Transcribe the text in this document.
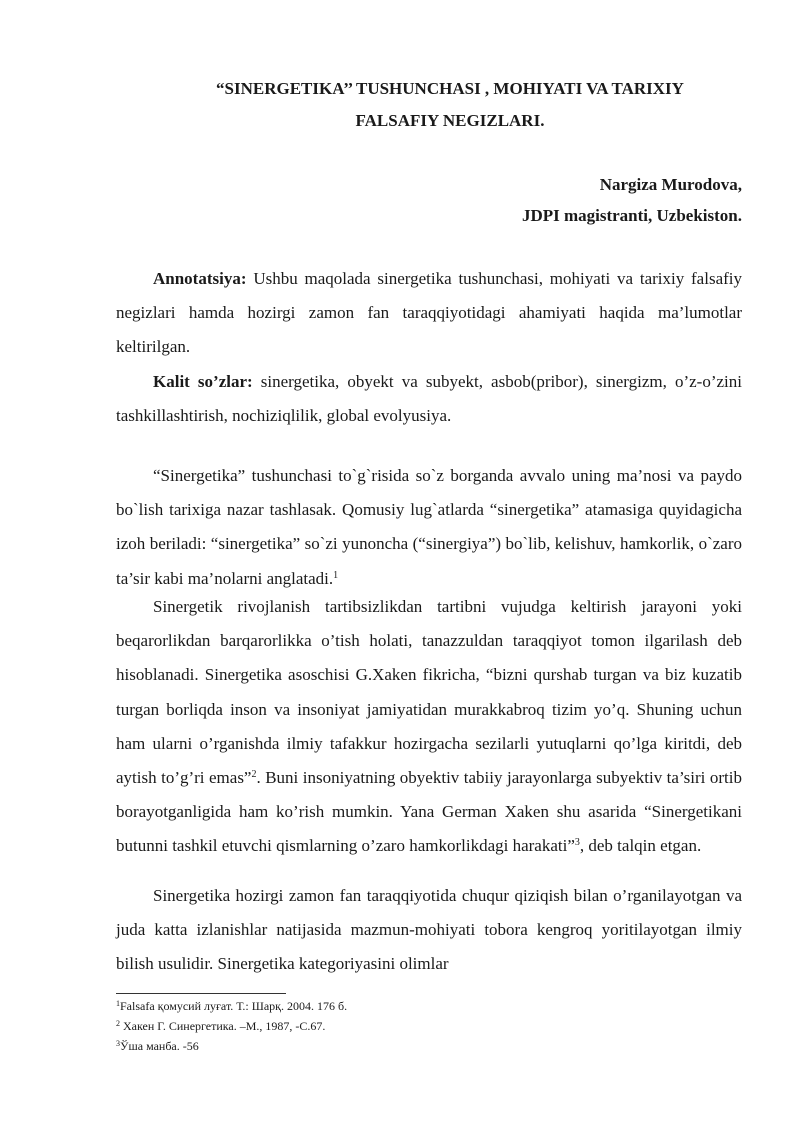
“SINERGETIKA’’ TUSHUNCHASI , MOHIYATI VA TARIXIY
FALSAFIY NEGIZLARI.
Nargiza Murodova,
JDPI magistranti, Uzbekiston.

Annotatsiya: Ushbu maqolada sinergetika tushunchasi, mohiyati va tarixiy falsafiy negizlari hamda hozirgi zamon fan taraqqiyotidagi ahamiyati haqida ma’lumotlar keltirilgan.

Kalit so’zlar: sinergetika, obyekt va subyekt, asbob(pribor), sinergizm, o’z-o’zini tashkillashtirish, nochiziqlilik, global evolyusiya.

“Sinergetika” tushunchasi to`g`risida so`z borganda avvalo uning ma’nosi va paydo bo`lish tarixiga nazar tashlasak. Qomusiy lug`atlarda “sinergetika” atamasiga quyidagicha izoh beriladi: “sinergetika” so`zi yunoncha (“sinergiya”) bo`lib, kelishuv, hamkorlik, o`zaro ta’sir kabi ma’nolarni anglatadi.$^1$

Sinergetik rivojlanish tartibsizlikdan tartibni vujudga keltirish jarayoni yoki beqarorlikdan barqarorlikka o’tish holati, tanazzuldan taraqqiyot tomon ilgarilash deb hisoblanadi. Sinergetika asoschisi G.Xaken fikricha, “bizni qurshab turgan va biz kuzatib turgan borliqda inson va insoniyat jamiyatidan murakkabroq tizim yo’q. Shuning uchun ham ularni o’rganishda ilmiy tafakkur hozirgacha sezilarli yutuqlarni qo’lga kiritdi, deb aytish to’g’ri emas”$^2$. Buni insoniyatning obyektiv tabiiy jarayonlarga subyektiv ta’siri ortib borayotganligida ham ko’rish mumkin. Yana German Xaken shu asarida “Sinergetikani butunni tashkil etuvchi qismlarning o’zaro hamkorlikdagi harakati”$^3$, deb talqin etgan.

Sinergetika hozirgi zamon fan taraqqiyotida chuqur qiziqish bilan o’rganilayotgan va juda katta izlanishlar natijasida mazmun-mohiyati tobora kengroq yoritilayotgan ilmiy bilish usulidir. Sinergetika kategoriyasini olimlar

$^1$Falsafa қомусий луғат. Т.: Шарқ. 2004. 176 б.
$^2$ Хакен Г. Синергетика. –М., 1987, -С.67.
$^3$Ўша манба. -56
